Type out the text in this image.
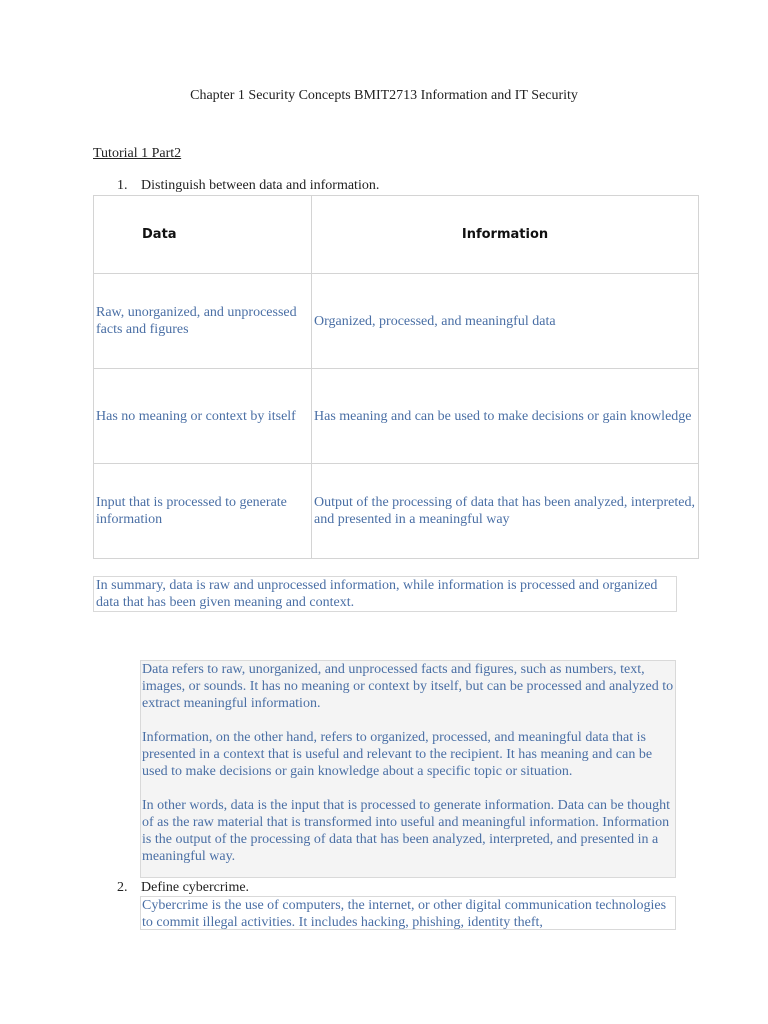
Chapter 1 Security Concepts BMIT2713 Information and IT Security
Tutorial 1 Part2
1. Distinguish between data and information.
Data	Information
Raw, unorganized, and unprocessed facts and figures	Organized, processed, and meaningful data
Has no meaning or context by itself	Has meaning and can be used to make decisions or gain knowledge
Input that is processed to generate information	Output of the processing of data that has been analyzed, interpreted, and presented in a meaningful way
In summary, data is raw and unprocessed information, while information is processed and organized data that has been given meaning and context.

Data refers to raw, unorganized, and unprocessed facts and figures, such as numbers, text, images, or sounds. It has no meaning or context by itself, but can be processed and analyzed to extract meaningful information.

Information, on the other hand, refers to organized, processed, and meaningful data that is presented in a context that is useful and relevant to the recipient. It has meaning and can be used to make decisions or gain knowledge about a specific topic or situation.

In other words, data is the input that is processed to generate information. Data can be thought of as the raw material that is transformed into useful and meaningful information. Information is the output of the processing of data that has been analyzed, interpreted, and presented in a meaningful way.

2. Define cybercrime.
Cybercrime is the use of computers, the internet, or other digital communication technologies to commit illegal activities. It includes hacking, phishing, identity theft,
